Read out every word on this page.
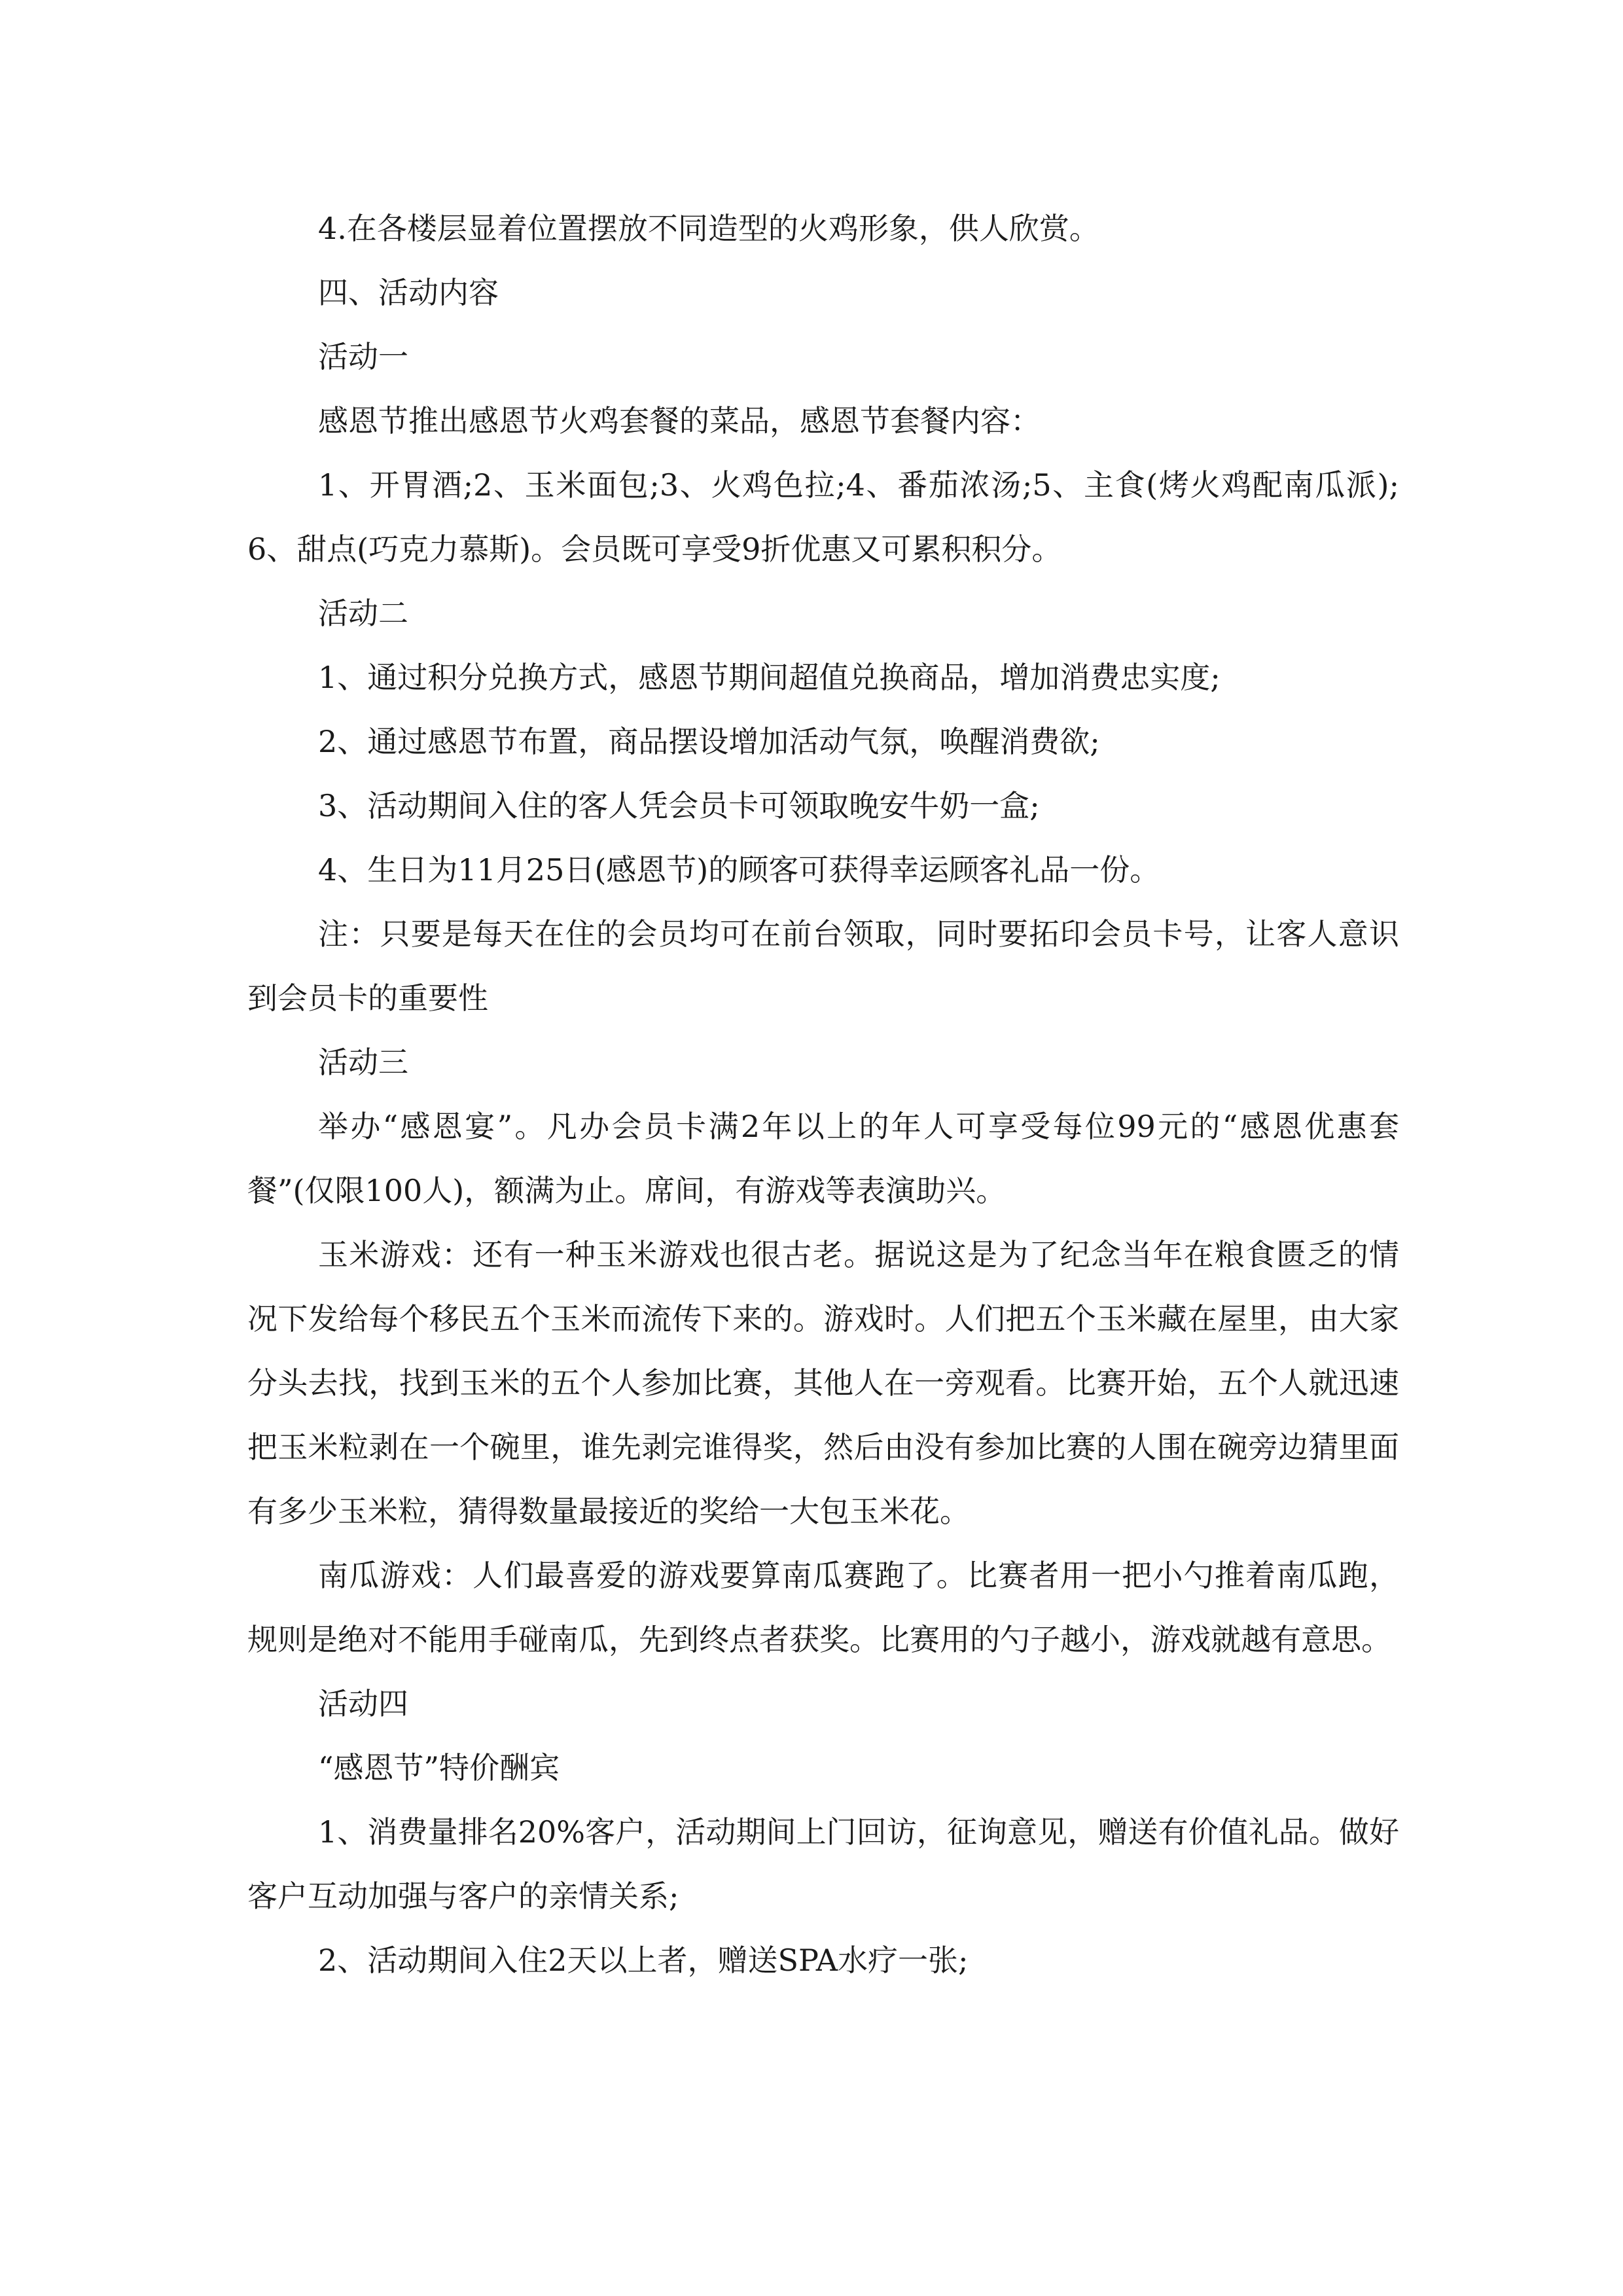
4.在各楼层显着位置摆放不同造型的火鸡形象，供人欣赏。

四、活动内容

活动一

感恩节推出感恩节火鸡套餐的菜品，感恩节套餐内容：

1、开胃酒;2、玉米面包;3、火鸡色拉;4、番茄浓汤;5、主食(烤火鸡配南瓜派);6、甜点(巧克力慕斯)。会员既可享受9折优惠又可累积积分。

活动二

1、通过积分兑换方式，感恩节期间超值兑换商品，增加消费忠实度;

2、通过感恩节布置，商品摆设增加活动气氛，唤醒消费欲;

3、活动期间入住的客人凭会员卡可领取晚安牛奶一盒;

4、生日为11月25日(感恩节)的顾客可获得幸运顾客礼品一份。

注：只要是每天在住的会员均可在前台领取，同时要拓印会员卡号，让客人意识到会员卡的重要性

活动三

举办“感恩宴”。凡办会员卡满2年以上的年人可享受每位99元的“感恩优惠套餐”(仅限100人)，额满为止。席间，有游戏等表演助兴。

玉米游戏：还有一种玉米游戏也很古老。据说这是为了纪念当年在粮食匮乏的情况下发给每个移民五个玉米而流传下来的。游戏时。人们把五个玉米藏在屋里，由大家分头去找，找到玉米的五个人参加比赛，其他人在一旁观看。比赛开始，五个人就迅速把玉米粒剥在一个碗里，谁先剥完谁得奖，然后由没有参加比赛的人围在碗旁边猜里面有多少玉米粒，猜得数量最接近的奖给一大包玉米花。

南瓜游戏：人们最喜爱的游戏要算南瓜赛跑了。比赛者用一把小勺推着南瓜跑，规则是绝对不能用手碰南瓜，先到终点者获奖。比赛用的勺子越小，游戏就越有意思。

活动四

“感恩节”特价酬宾

1、消费量排名20%客户，活动期间上门回访，征询意见，赠送有价值礼品。做好客户互动加强与客户的亲情关系;

2、活动期间入住2天以上者，赠送SPA水疗一张;
